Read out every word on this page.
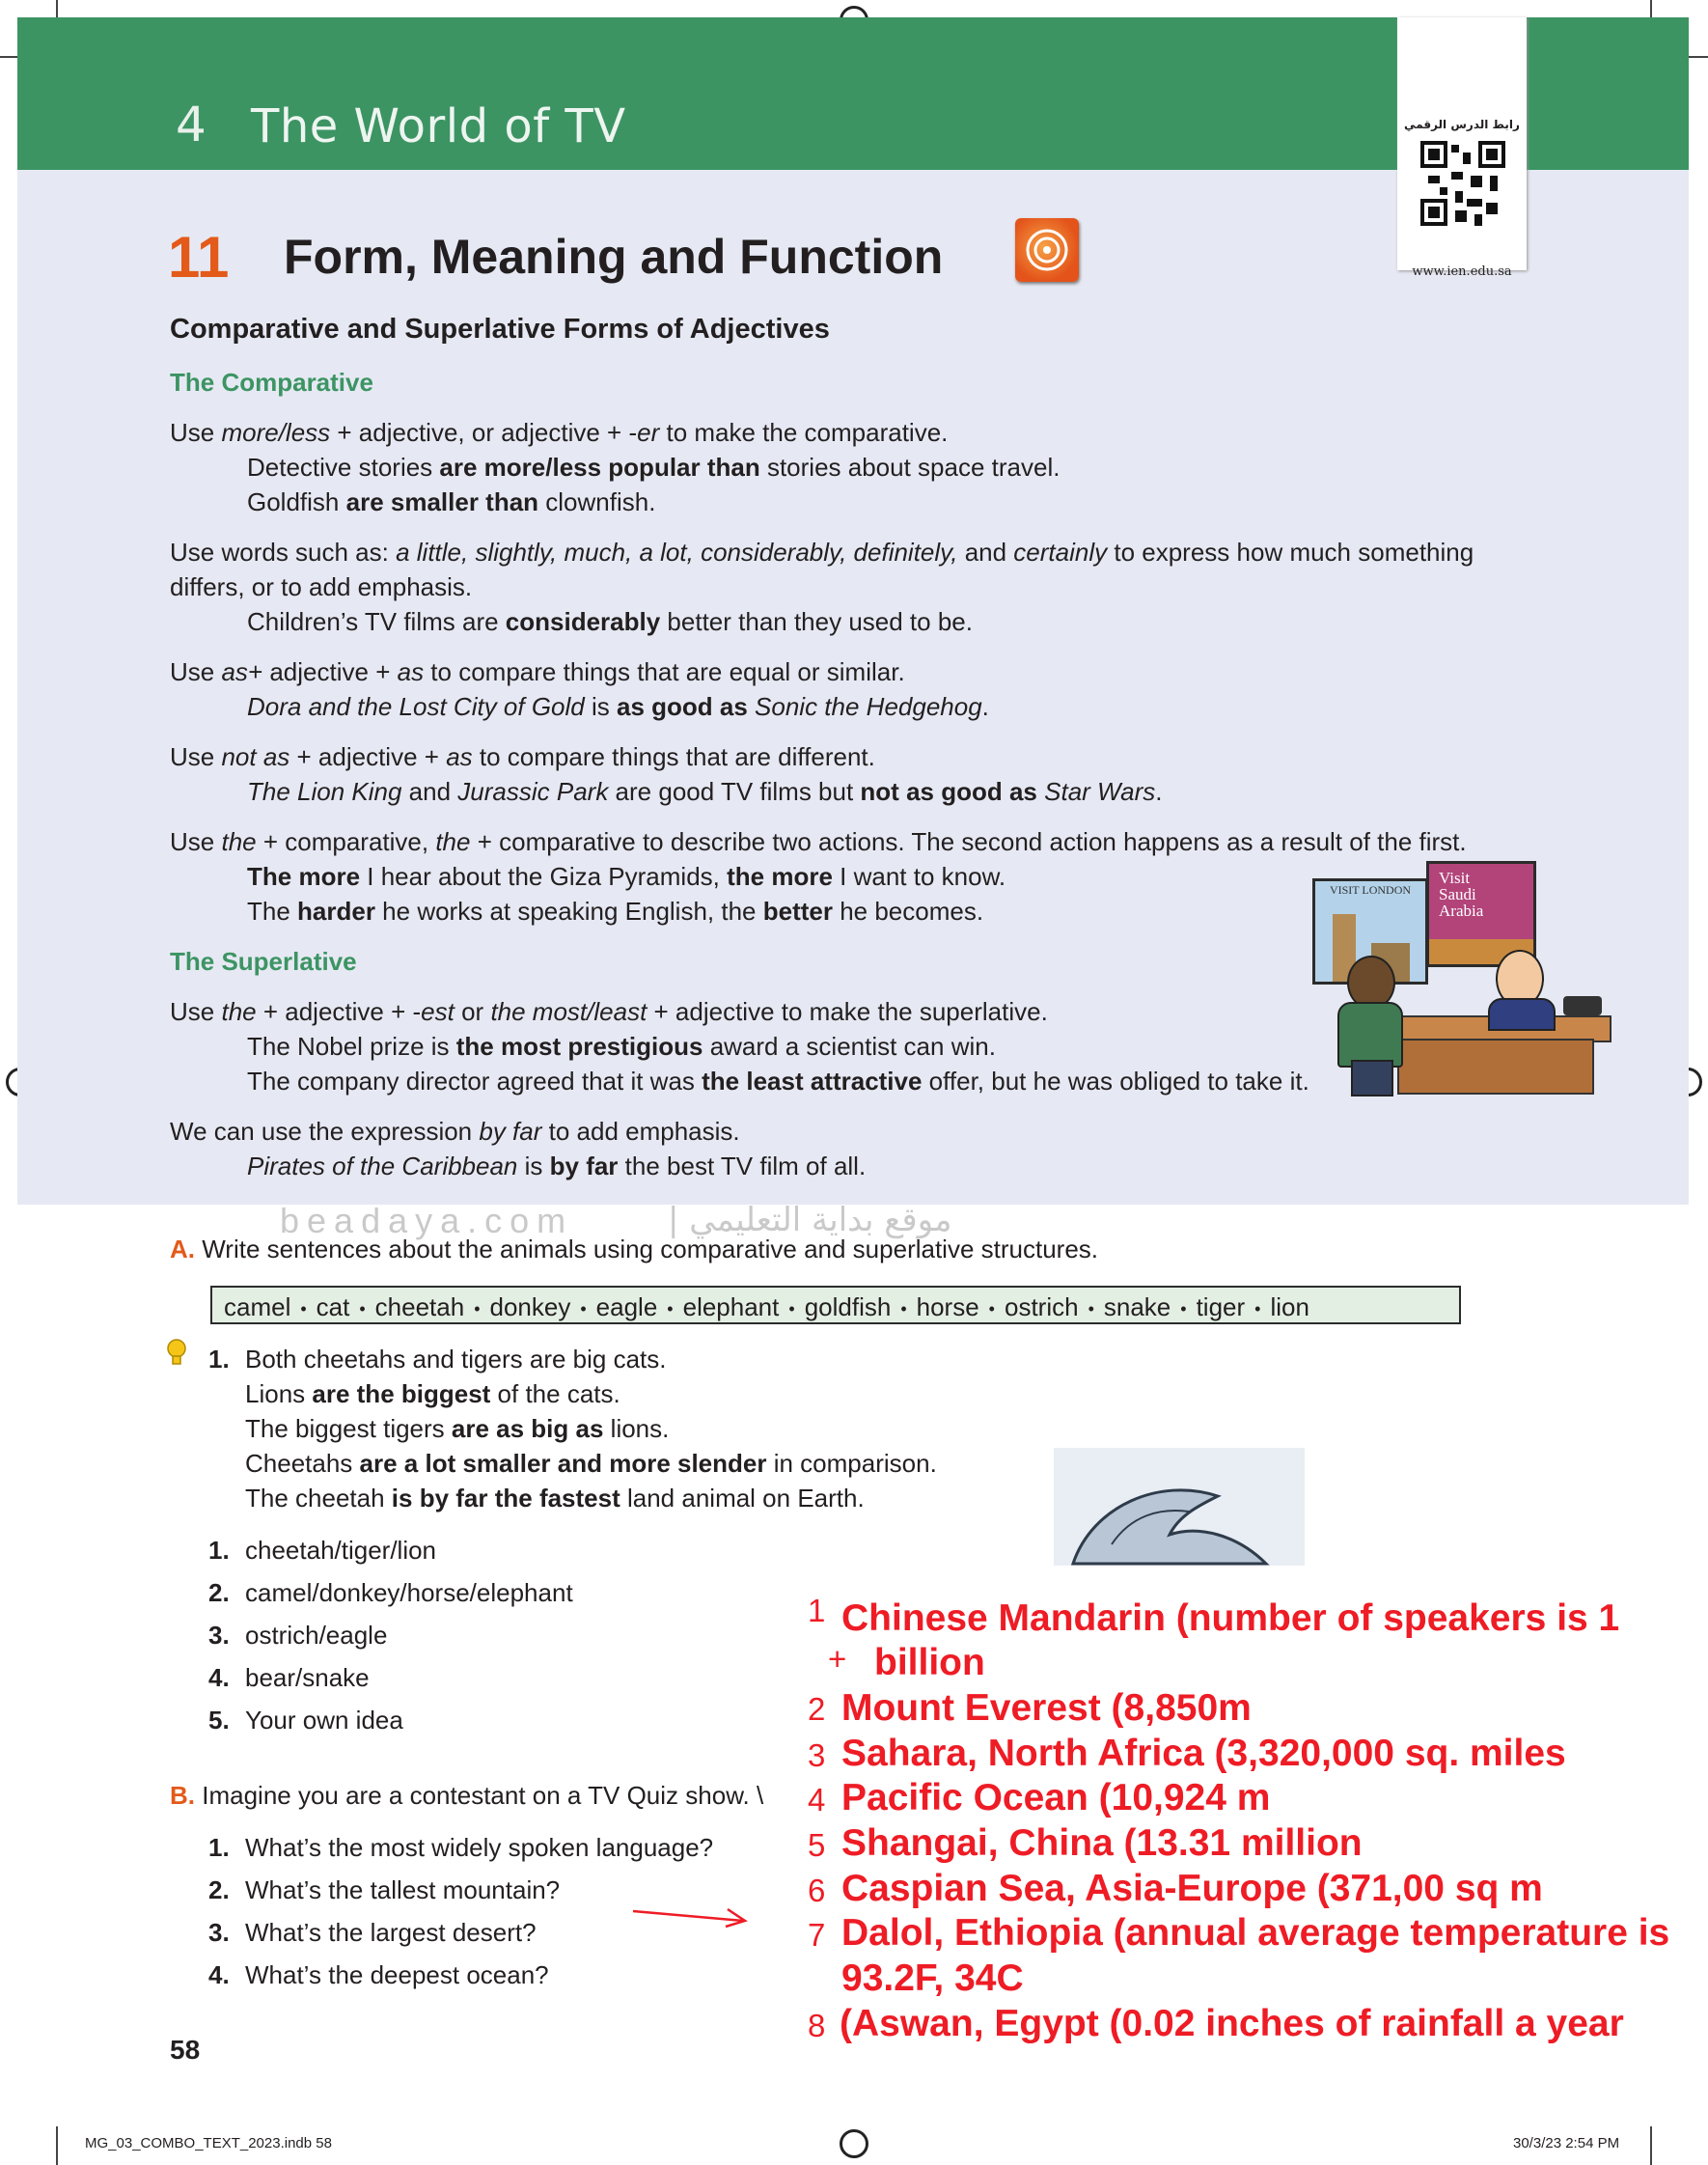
4 The World of TV	رابط الدرس الرقمي
www.ien.edu.sa
11 Form, Meaning and Function
Comparative and Superlative Forms of Adjectives
The Comparative

Use more/less + adjective, or adjective + -er to make the comparative.

Detective stories are more/less popular than stories about space travel.

Goldfish are smaller than clownfish.

Use words such as: a little, slightly, much, a lot, considerably, definitely, and certainly to express how much something differs, or to add emphasis.

Children’s TV films are considerably better than they used to be.

Use as+ adjective + as to compare things that are equal or similar.

Dora and the Lost City of Gold is as good as Sonic the Hedgehog.

Use not as + adjective + as to compare things that are different.

The Lion King and Jurassic Park are good TV films but not as good as Star Wars.

Use the + comparative, the + comparative to describe two actions. The second action happens as a result of the first.

The more I hear about the Giza Pyramids, the more I want to know.

The harder he works at speaking English, the better he becomes.

VISIT LONDON
Visit
Saudi
Arabia
The Superlative

Use the + adjective + -est or the most/least + adjective to make the superlative.

The Nobel prize is the most prestigious award a scientist can win.

The company director agreed that it was the least attractive offer, but he was obliged to take it.

We can use the expression by far to add emphasis.

Pirates of the Caribbean is by far the best TV film of all.

beadaya.com	موقع بداية التعليمي |

A. Write sentences about the animals using comparative and superlative structures.

camel • cat • cheetah • donkey • eagle • elephant • goldfish • horse • ostrich • snake • tiger • lion
1. Both cheetahs and tigers are big cats.
Lions are the biggest of the cats.
The biggest tigers are as big as lions.
Cheetahs are a lot smaller and more slender in comparison.
The cheetah is by far the fastest land animal on Earth.
1. cheetah/tiger/lion
2. camel/donkey/horse/elephant
3. ostrich/eagle
4. bear/snake
5. Your own idea

B. Imagine you are a contestant on a TV Quiz show. \

1. What’s the most widely spoken language?
2. What’s the tallest mountain?
3. What’s the largest desert?
4. What’s the deepest ocean?
1 Chinese Mandarin (number of speakers is 1
+ billion
2 Mount Everest (8,850m
3 Sahara, North Africa (3,320,000 sq. miles
4 Pacific Ocean (10,924 m
5 Shangai, China (13.31 million
6 Caspian Sea, Asia-Europe (371,00 sq m
7 Dalol, Ethiopia (annual average temperature is
93.2F, 34C
8 (Aswan, Egypt (0.02 inches of rainfall a year
58
MG_03_COMBO_TEXT_2023.indb 58	30/3/23 2:54 PM
